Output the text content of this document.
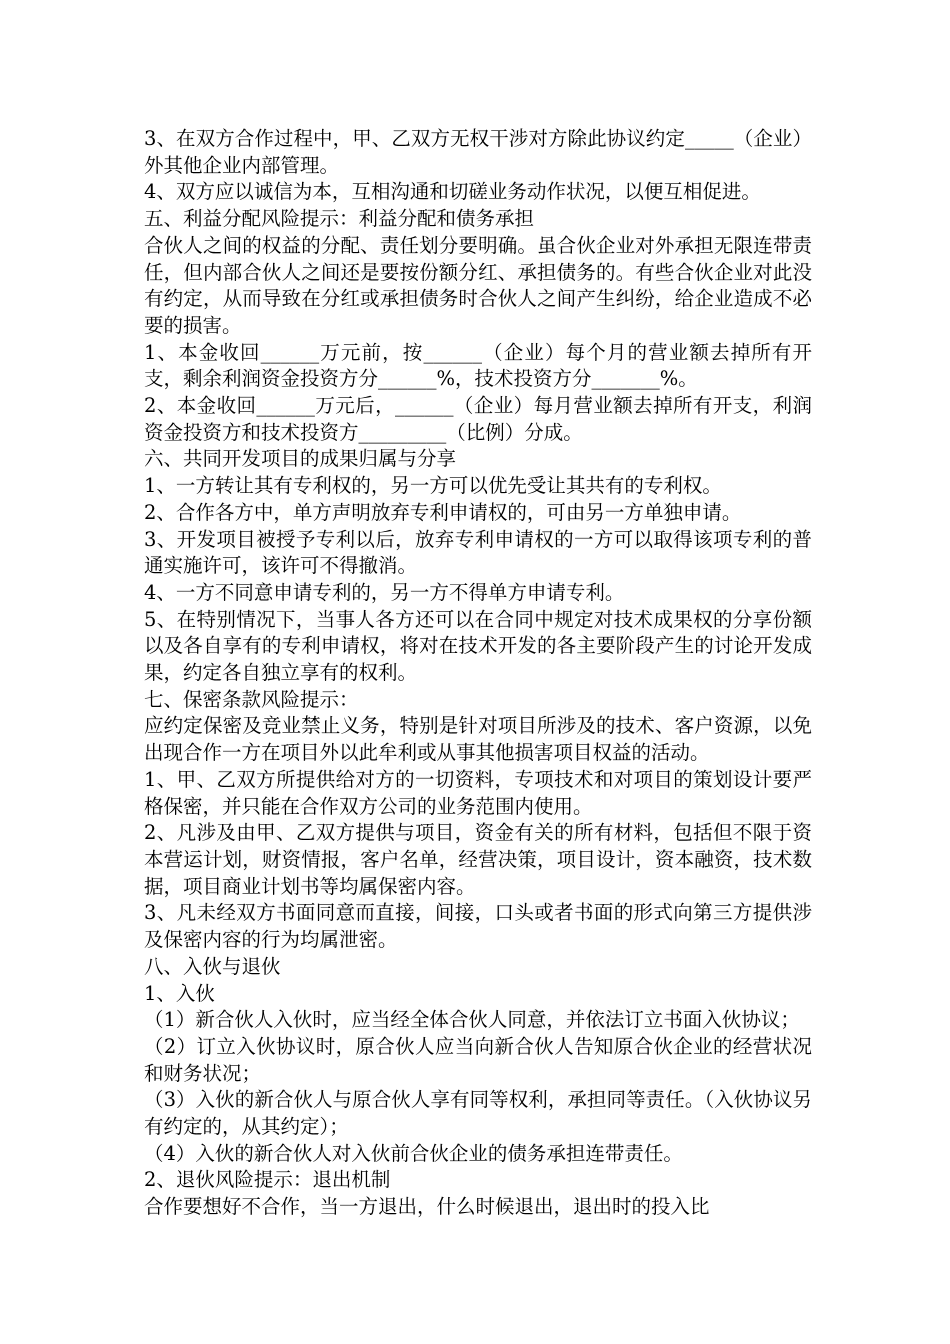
3、在双方合作过程中，甲、乙双方无权干涉对方除此协议约定_____（企业）外其他企业内部管理。

4、双方应以诚信为本，互相沟通和切磋业务动作状况，以便互相促进。

五、利益分配风险提示：利益分配和债务承担

合伙人之间的权益的分配、责任划分要明确。虽合伙企业对外承担无限连带责任，但内部合伙人之间还是要按份额分红、承担债务的。有些合伙企业对此没有约定，从而导致在分红或承担债务时合伙人之间产生纠纷，给企业造成不必要的损害。

1、本金收回______万元前，按______（企业）每个月的营业额去掉所有开支，剩余利润资金投资方分______%，技术投资方分_______%。

2、本金收回______万元后，______（企业）每月营业额去掉所有开支，利润资金投资方和技术投资方_________（比例）分成。

六、共同开发项目的成果归属与分享

1、一方转让其有专利权的，另一方可以优先受让其共有的专利权。

2、合作各方中，单方声明放弃专利申请权的，可由另一方单独申请。

3、开发项目被授予专利以后，放弃专利申请权的一方可以取得该项专利的普通实施许可，该许可不得撤消。

4、一方不同意申请专利的，另一方不得单方申请专利。

5、在特别情况下，当事人各方还可以在合同中规定对技术成果权的分享份额以及各自享有的专利申请权，将对在技术开发的各主要阶段产生的讨论开发成果，约定各自独立享有的权利。

七、保密条款风险提示：

应约定保密及竞业禁止义务，特别是针对项目所涉及的技术、客户资源，以免出现合作一方在项目外以此牟利或从事其他损害项目权益的活动。

1、甲、乙双方所提供给对方的一切资料，专项技术和对项目的策划设计要严格保密，并只能在合作双方公司的业务范围内使用。

2、凡涉及由甲、乙双方提供与项目，资金有关的所有材料，包括但不限于资本营运计划，财资情报，客户名单，经营决策，项目设计，资本融资，技术数据，项目商业计划书等均属保密内容。

3、凡未经双方书面同意而直接，间接，口头或者书面的形式向第三方提供涉及保密内容的行为均属泄密。

八、入伙与退伙

1、入伙

（1）新合伙人入伙时，应当经全体合伙人同意，并依法订立书面入伙协议；

（2）订立入伙协议时，原合伙人应当向新合伙人告知原合伙企业的经营状况和财务状况；

（3）入伙的新合伙人与原合伙人享有同等权利，承担同等责任。（入伙协议另有约定的，从其约定）；

（4）入伙的新合伙人对入伙前合伙企业的债务承担连带责任。

2、退伙风险提示：退出机制

合作要想好不合作，当一方退出，什么时候退出，退出时的投入比
